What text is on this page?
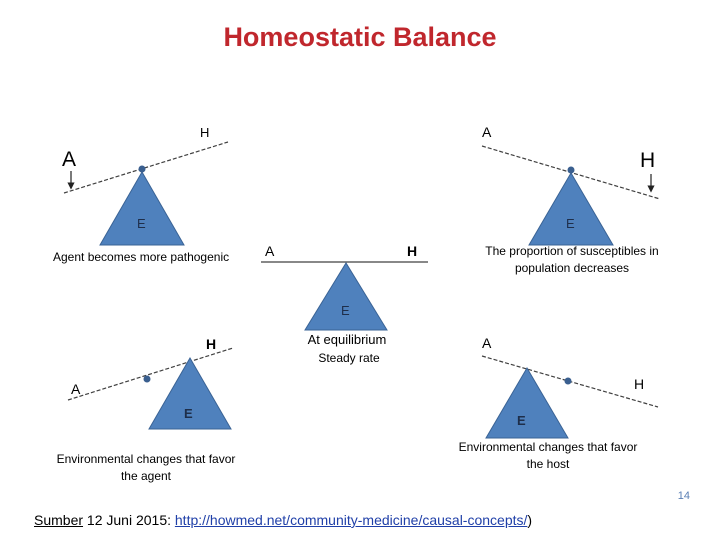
Homeostatic Balance
A
H
E
Agent becomes more pathogenic	A	H
E
At equilibrium
Steady rate
A
H
E
The proportion of susceptibles in
population decreases
A
H
E
Environmental changes that favor
the agent
A
H
E
Environmental changes that favor
the host
14
Sumber 12 Juni 2015: http://howmed.net/community-medicine/causal-concepts/)
